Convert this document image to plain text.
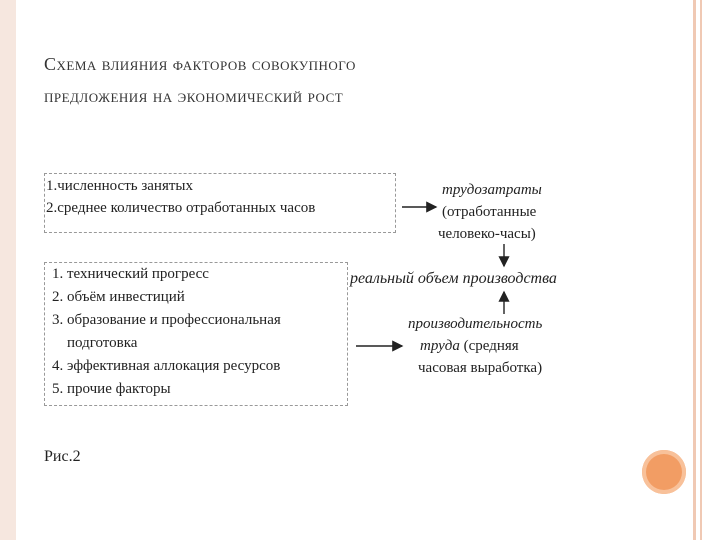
Схема влияния факторов совокупного
предложения на экономический рост
1.численность занятых
2.среднее количество отработанных часов
1. технический прогресс
2. объём инвестиций
3. образование и профессиональная
подготовка
4. эффективная аллокация ресурсов
5. прочие факторы
трудозатраты
(отработанные
человеко-часы)
реальный объем производства
производительность
труда (средняя
часовая выработка)
Рис.2
